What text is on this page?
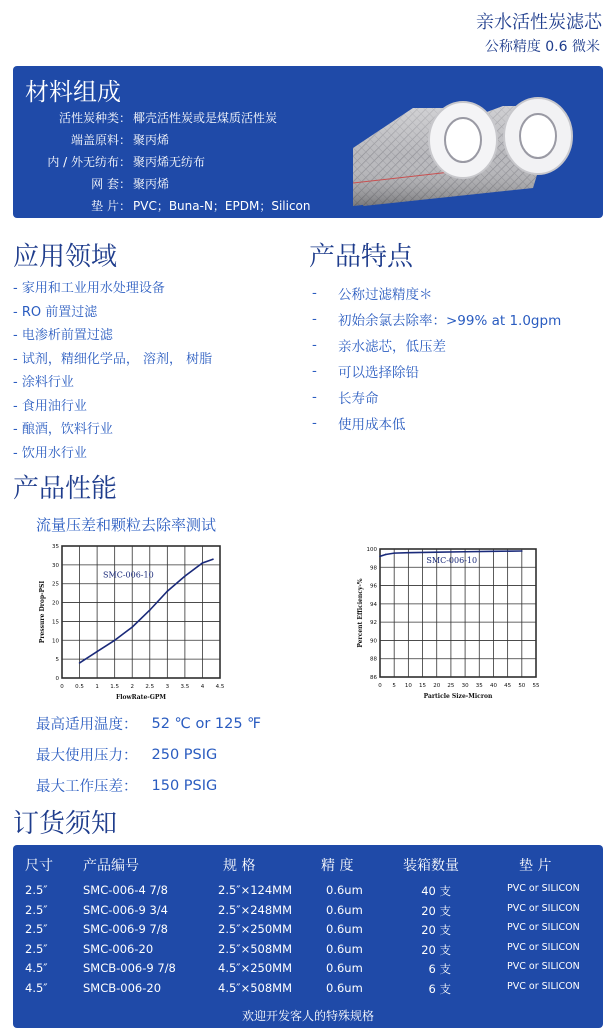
亲水活性炭滤芯
公称精度 0.6 微米
材料组成
活性炭种类： 椰壳活性炭或是煤质活性炭
端盖原料： 聚丙烯
内 / 外无纺布： 聚丙烯无纺布
网 套： 聚丙烯
垫 片： PVC；Buna-N；EPDM；Silicon
应用领域
- 家用和工业用水处理设备
- RO 前置过滤
- 电渗析前置过滤
- 试剂，精细化学品， 溶剂， 树脂
- 涂料行业
- 食用油行业
- 酿酒，饮料行业
- 饮用水行业
产品特点
-	公称过滤精度＊
-	初始余氯去除率：>99% at 1.0gpm
-	亲水滤芯，低压差
-	可以选择除铅
-	长寿命
-	使用成本低
产品性能
流量压差和颗粒去除率测试
0 0.5 1 1.5 2 2.5 3 3.5 4 4.5
0
5
10
15
20
25
30
35
SMC-006-10
FlowRate-GPM
Pressure Drop-PSI
0 5 10 15 20 25 30 35 40 45 50 55
86
88
90
92
94
96
98
100
SMC-006-10
Particle Size-Micron
Percent Efficiency-%
最高适用温度： 52 ℃ or 125 ℉
最大使用压力： 250 PSIG
最大工作压差： 150 PSIG
订货须知
尺寸 产品编号	规 格	精 度	装箱数量	垫 片
2.5″	SMC-006-4 7/8	2.5″×124MM	0.6um	40 支	PVC or SILICON
2.5″	SMC-006-9 3/4	2.5″×248MM	0.6um	20 支	PVC or SILICON
2.5″	SMC-006-9 7/8	2.5″×250MM	0.6um	20 支	PVC or SILICON
2.5″	SMC-006-20	2.5″×508MM	0.6um	20 支	PVC or SILICON
4.5″	SMCB-006-9 7/8	4.5″×250MM	0.6um	6 支	PVC or SILICON
4.5″	SMCB-006-20	4.5″×508MM	0.6um	6 支	PVC or SILICON
欢迎开发客人的特殊规格
